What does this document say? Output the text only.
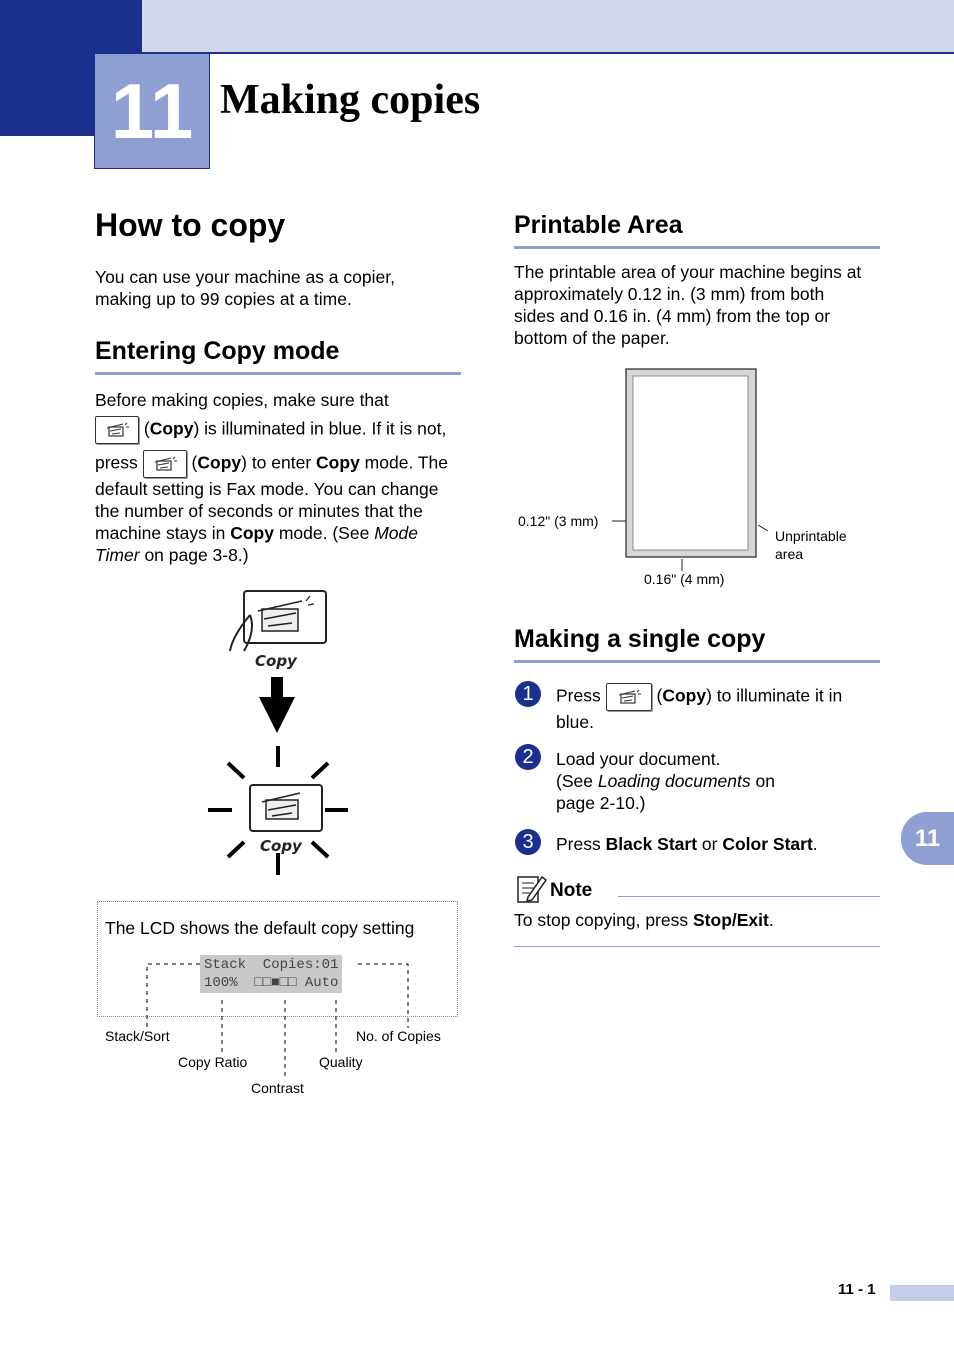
11 Making copies
How to copy
You can use your machine as a copier,
making up to 99 copies at a time.
Entering Copy mode
Before making copies, make sure that
(Copy) is illuminated in blue. If it is not,
press	(Copy) to enter Copy mode. The
default setting is Fax mode. You can change
the number of seconds or minutes that the
machine stays in Copy mode. (See Mode
Timer on page 3-8.)
Copy
Copy
The LCD shows the default copy setting
Stack  Copies:01
100%  □□■□□ Auto
Stack/Sort	No. of Copies
Copy Ratio	Quality
Contrast
Printable Area
The printable area of your machine begins at
approximately 0.12 in. (3 mm) from both
sides and 0.16 in. (4 mm) from the top or
bottom of the paper.
0.12" (3 mm)
Unprintable
area
0.16" (4 mm)
Making a single copy
1	Press	(Copy) to illuminate it in
blue.
2	Load your document.
(See Loading documents on
page 2-10.)
3	Press Black Start or Color Start.
Note
To stop copying, press Stop/Exit.
11
11 - 1
